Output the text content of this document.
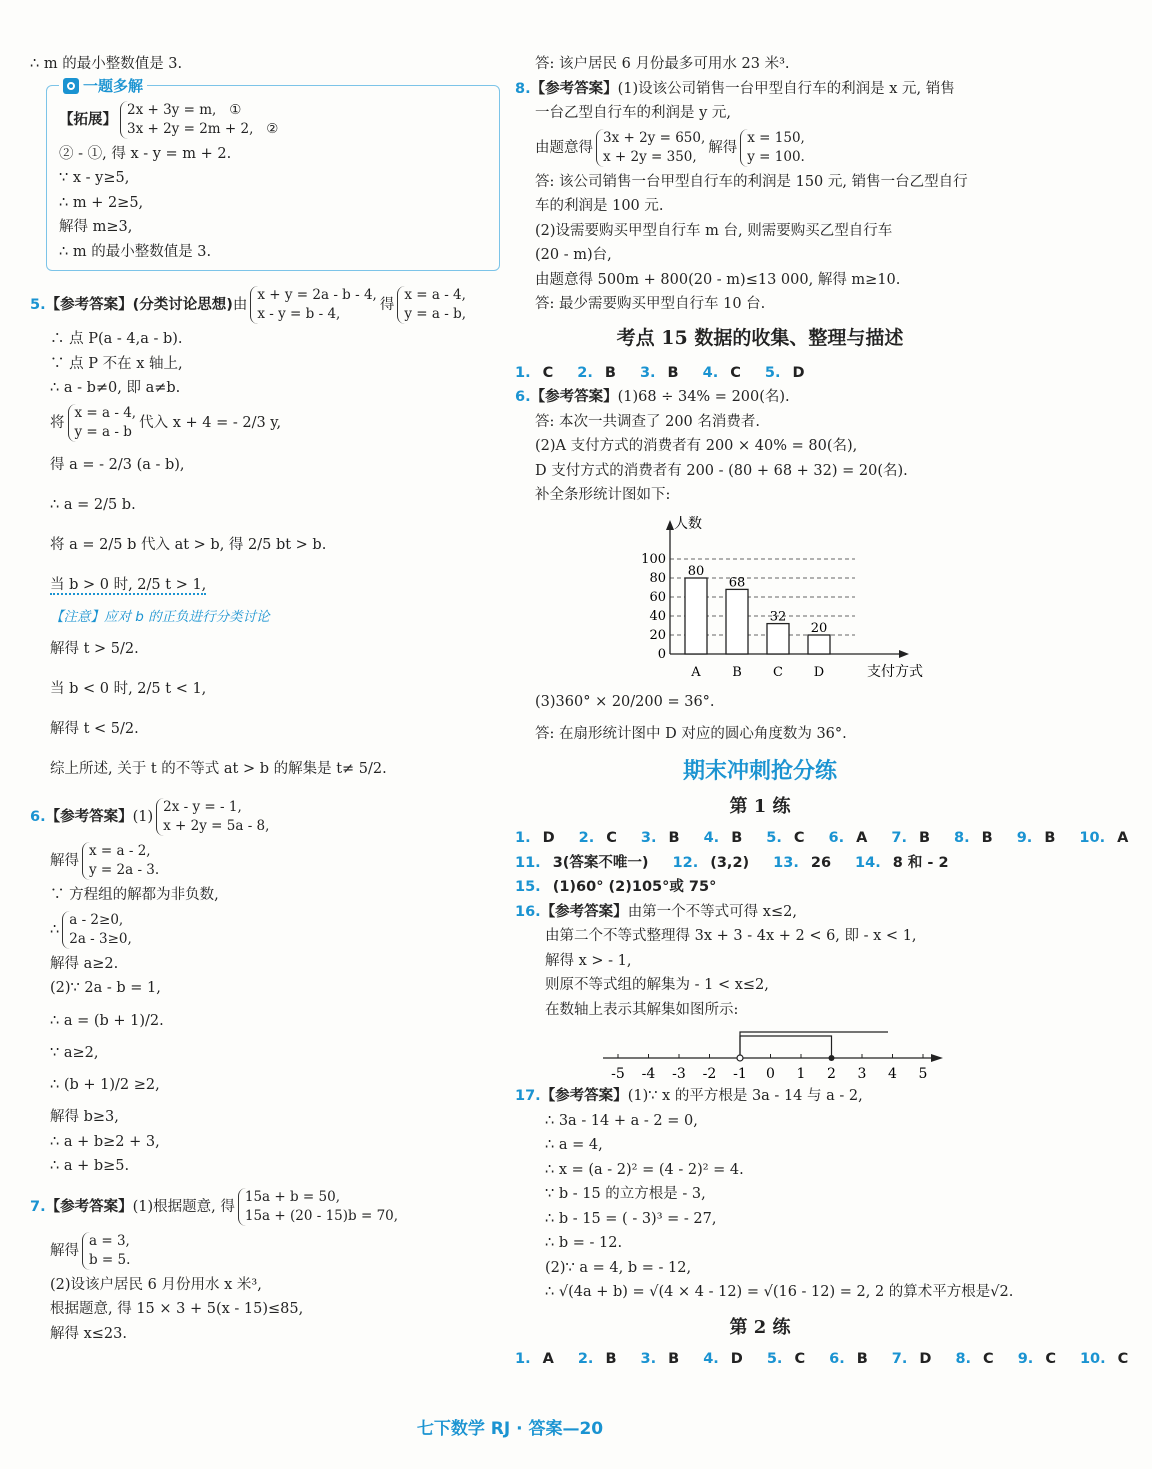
∴ m 的最小整数值是 3.
一题多解
【拓展】2x + 3y = m, ①
3x + 2y = 2m + 2, ②
② - ①, 得 x - y = m + 2.
∵ x - y≥5,
∴ m + 2≥5,
解得 m≥3,
∴ m 的最小整数值是 3.
5.【参考答案】(分类讨论思想)由x + y = 2a - b - 4,
x - y = b - 4,得x = a - 4,
y = a - b,
∴ 点 P(a - 4,a - b).
∵ 点 P 不在 x 轴上,
∴ a - b≠0, 即 a≠b.
将x = a - 4,
y = a - b代入 x + 4 = - 2/3 y,
得 a = - 2/3 (a - b),
∴ a = 2/5 b.
将 a = 2/5 b 代入 at > b, 得 2/5 bt > b.
当 b > 0 时, 2/5 t > 1,
【注意】应对 b 的正负进行分类讨论
解得 t > 5/2.
当 b < 0 时, 2/5 t < 1,
解得 t < 5/2.
综上所述, 关于 t 的不等式 at > b 的解集是 t≠ 5/2.
6.【参考答案】(1)2x - y = - 1,
x + 2y = 5a - 8,
解得x = a - 2,
y = 2a - 3.
∵ 方程组的解都为非负数,
∴a - 2≥0,
2a - 3≥0,
解得 a≥2.
(2)∵ 2a - b = 1,
∴ a = (b + 1)/2.
∵ a≥2,
∴ (b + 1)/2 ≥2,
解得 b≥3,
∴ a + b≥2 + 3,
∴ a + b≥5.
7.【参考答案】(1)根据题意, 得15a + b = 50,
15a + (20 - 15)b = 70,
解得a = 3,
b = 5.
(2)设该户居民 6 月份用水 x 米³,
根据题意, 得 15 × 3 + 5(x - 15)≤85,
解得 x≤23.
答: 该户居民 6 月份最多可用水 23 米³.
8.【参考答案】(1)设该公司销售一台甲型自行车的利润是 x 元, 销售
一台乙型自行车的利润是 y 元,
由题意得3x + 2y = 650,
x + 2y = 350,解得x = 150,
y = 100.
答: 该公司销售一台甲型自行车的利润是 150 元, 销售一台乙型自行
车的利润是 100 元.
(2)设需要购买甲型自行车 m 台, 则需要购买乙型自行车
(20 - m)台,
由题意得 500m + 800(20 - m)≤13 000, 解得 m≥10.
答: 最少需要购买甲型自行车 10 台.
考点 15 数据的收集、整理与描述
1. C 2. B 3. B 4. C 5. D
6.【参考答案】(1)68 ÷ 34% = 200(名).
答: 本次一共调查了 200 名消费者.
(2)A 支付方式的消费者有 200 × 40% = 80(名),
D 支付方式的消费者有 200 - (80 + 68 + 32) = 20(名).
补全条形统计图如下:
0
20
40
60
80
100
人数
支付方式
80
A
68
B
32
C
20
D
(3)360° × 20/200 = 36°.
答: 在扇形统计图中 D 对应的圆心角度数为 36°.
期末冲刺抢分练
第 1 练
1. D 2. C 3. B 4. B 5. C 6. A 7. B 8. B 9. B 10. A
11. 3(答案不唯一) 12. (3,2) 13. 26 14. 8 和 - 2
15. (1)60° (2)105°或 75°
16.【参考答案】由第一个不等式可得 x≤2,
由第二个不等式整理得 3x + 3 - 4x + 2 < 6, 即 - x < 1,
解得 x > - 1,
则原不等式组的解集为 - 1 < x≤2,
在数轴上表示其解集如图所示:
-5 -4 -3 -2 -1 0 1 2 3 4 5
17.【参考答案】(1)∵ x 的平方根是 3a - 14 与 a - 2,
∴ 3a - 14 + a - 2 = 0,
∴ a = 4,
∴ x = (a - 2)² = (4 - 2)² = 4.
∵ b - 15 的立方根是 - 3,
∴ b - 15 = ( - 3)³ = - 27,
∴ b = - 12.
(2)∵ a = 4, b = - 12,
∴ √(4a + b) = √(4 × 4 - 12) = √(16 - 12) = 2, 2 的算术平方根是√2.
第 2 练
1. A 2. B 3. B 4. D 5. C 6. B 7. D 8. C 9. C 10. C
七下数学 RJ · 答案—20
